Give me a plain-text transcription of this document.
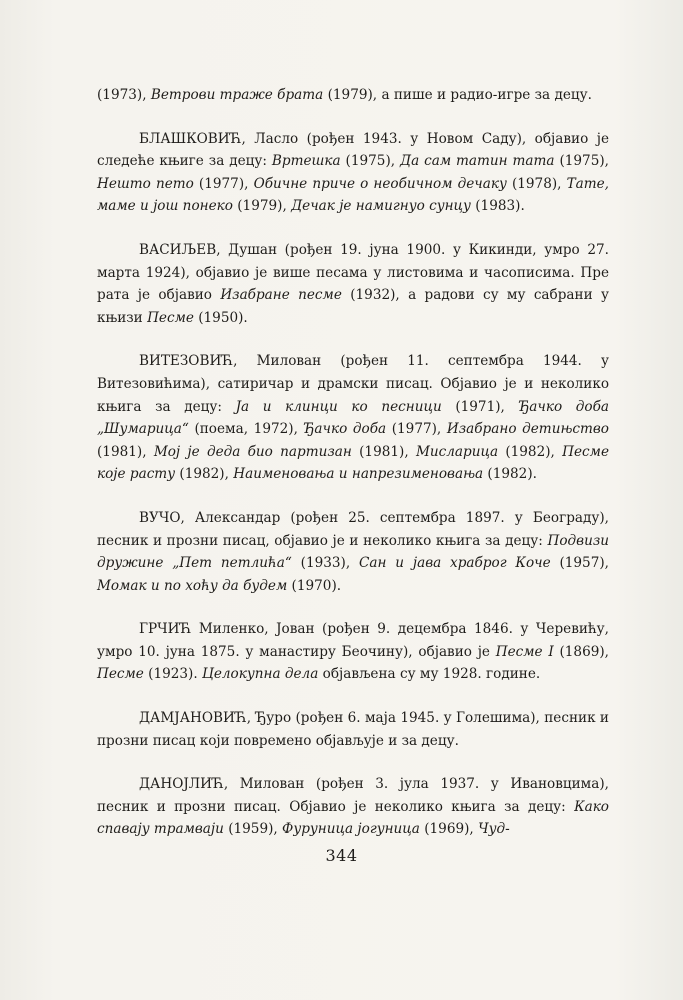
(1973), Ветрови траже брата (1979), а пише и радио-игре за децу.

БЛАШКОВИЋ, Ласло (рођен 1943. у Новом Саду), објавио је следеће књиге за децу: Вртешка (1975), Да сам татин тата (1975), Нешто пето (1977), Обичне приче о необичном дечаку (1978), Тате, маме и још понеко (1979), Дечак је намигнуо сунцу (1983).

ВАСИЉЕВ, Душан (рођен 19. јуна 1900. у Кикинди, умро 27. марта 1924), објавио је више песама у листовима и часописима. Пре рата је објавио Изабране песме (1932), а радови су му сабрани у књизи Песме (1950).

ВИТЕЗОВИЋ, Милован (рођен 11. септембра 1944. у Витезовићима), сатиричар и драмски писац. Објавио је и неколико књига за децу: Ја и клинци ко песници (1971), Ђачко доба „Шумарица“ (поема, 1972), Ђачко доба (1977), Изабрано детињство (1981), Мој је деда био партизан (1981), Мисларица (1982), Песме које расту (1982), Наименовања и напрезименовања (1982).

ВУЧО, Александар (рођен 25. септембра 1897. у Београду), песник и прозни писац, објавио је и неколико књига за децу: Подвизи дружине „Пет петлића“ (1933), Сан и јава храброг Коче (1957), Момак и по хоћу да будем (1970).

ГРЧИЋ Миленко, Јован (рођен 9. децембра 1846. у Черевићу, умро 10. јуна 1875. у манастиру Беочину), објавио је Песме I (1869), Песме (1923). Целокупна дела објављена су му 1928. године.

ДАМЈАНОВИЋ, Ђуро (рођен 6. маја 1945. у Голешима), песник и прозни писац који повремено објављује и за децу.

ДАНОЈЛИЋ, Милован (рођен 3. јула 1937. у Ивановцима), песник и прозни писац. Објавио је неколико књига за децу: Како спавају трамваји (1959), Фуруница јогуница (1969), Чуд-

344
